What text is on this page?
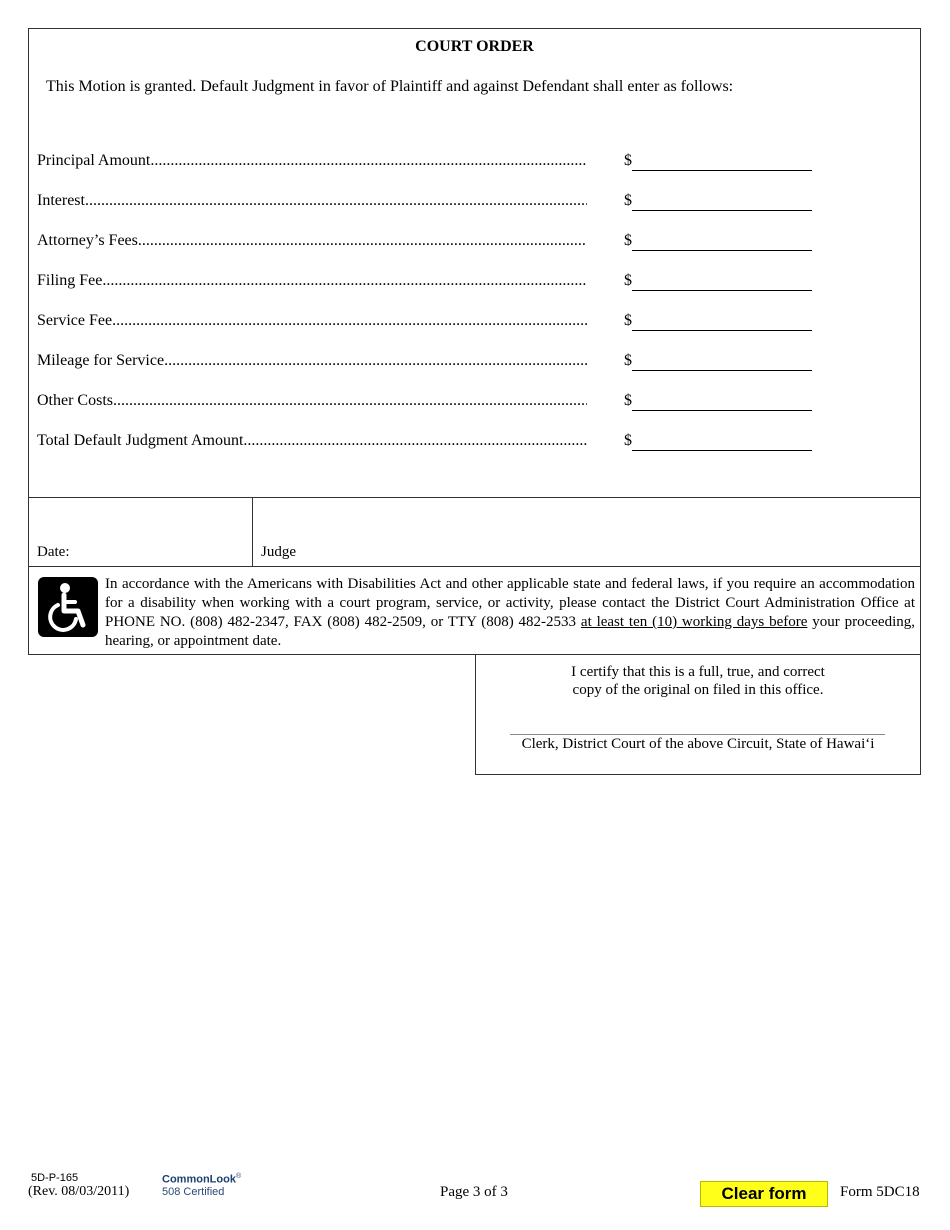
COURT ORDER
This Motion is granted. Default Judgment in favor of Plaintiff and against Defendant shall enter as follows:
Principal Amount .....	$
Interest .....	$
Attorney’s Fees .....	$
Filing Fee .....	$
Service Fee .....	$
Mileage for Service .....	$
Other Costs .....	$
Total Default Judgment Amount .....	$
Date:	Judge
In accordance with the Americans with Disabilities Act and other applicable state and federal laws, if you require an accommodation for a disability when working with a court program, service, or activity, please contact the District Court Administration Office at PHONE NO. (808) 482-2347, FAX (808) 482-2509, or TTY (808) 482-2533 at least ten (10) working days before your proceeding, hearing, or appointment date.
I certify that this is a full, true, and correct
copy of the original on filed in this office.
Clerk, District Court of the above Circuit, State of Hawai‘i
5D-P-165
(Rev. 08/03/2011)
CommonLook®
508 Certified	Page 3 of 3	Clear form	Form 5DC18
